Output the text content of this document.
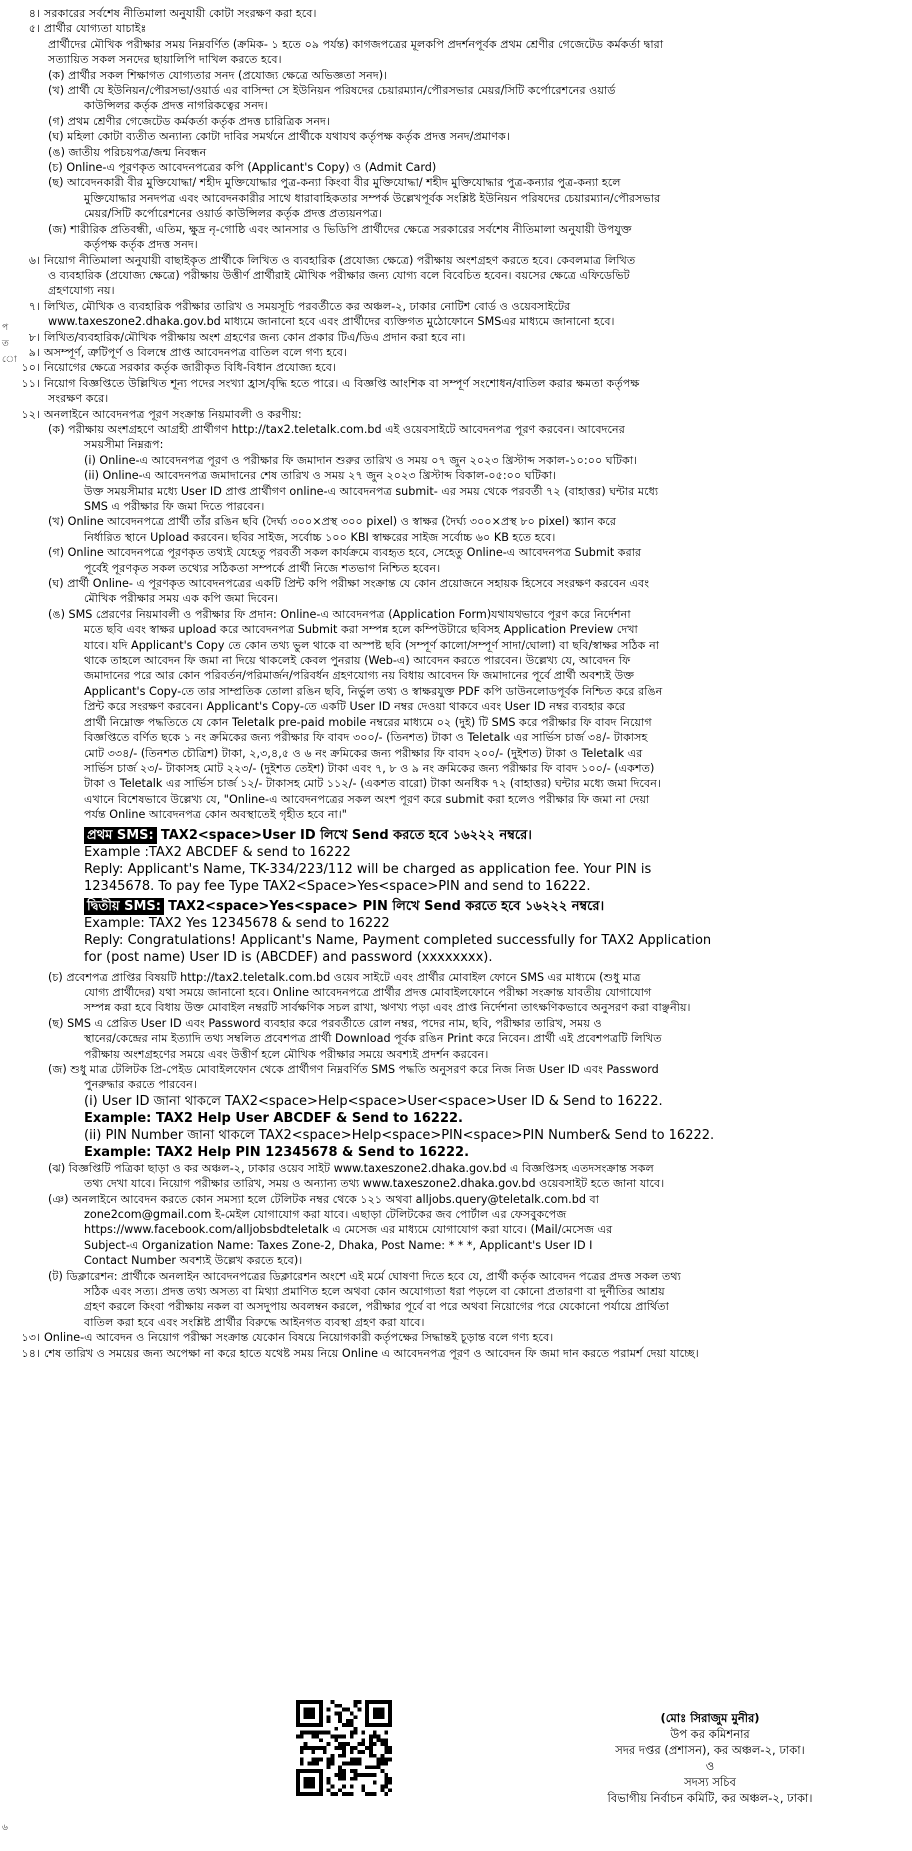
৪। সরকারের সর্বশেষ নীতিমালা অনুযায়ী কোটা সংরক্ষণ করা হবে।
৫। প্রার্থীর যোগ্যতা যাচাইঃ
প্রার্থীদের মৌখিক পরীক্ষার সময় নিম্নবর্ণিত (ক্রমিক- ১ হতে ০৯ পর্যন্ত) কাগজপত্রের মূলকপি প্রদর্শনপূর্বক প্রথম শ্রেণীর গেজেটেড কর্মকর্তা দ্বারা
সত্যায়িত সকল সনদের ছায়ালিপি দাখিল করতে হবে।
(ক) প্রার্থীর সকল শিক্ষাগত যোগ্যতার সনদ (প্রযোজ্য ক্ষেত্রে অভিজ্ঞতা সনদ)।
(খ) প্রার্থী যে ইউনিয়ন/পৌরসভা/ওয়ার্ড এর বাসিন্দা সে ইউনিয়ন পরিষদের চেয়ারম্যান/পৌরসভার মেয়র/সিটি কর্পোরেশনের ওয়ার্ড
কাউন্সিলর কর্তৃক প্রদত্ত নাগরিকত্বের সনদ।
(গ) প্রথম শ্রেণীর গেজেটেড কর্মকর্তা কর্তৃক প্রদত্ত চারিত্রিক সনদ।
(ঘ) মহিলা কোটা ব্যতীত অন্যান্য কোটা দাবির সমর্থনে প্রার্থীকে যথাযথ কর্তৃপক্ষ কর্তৃক প্রদত্ত সনদ/প্রমাণক।
(ঙ) জাতীয় পরিচয়পত্র/জন্ম নিবন্ধন
(চ) Online-এ পূরণকৃত আবেদনপত্রের কপি (Applicant's Copy) ও (Admit Card)
(ছ) আবেদনকারী বীর মুক্তিযোদ্ধা/ শহীদ মুক্তিযোদ্ধার পুত্র-কন্যা কিংবা বীর মুক্তিযোদ্ধা/ শহীদ মুক্তিযোদ্ধার পুত্র-কন্যার পুত্র-কন্যা হলে
মুক্তিযোদ্ধার সনদপত্র এবং আবেদনকারীর সাথে ধারাবাহিকতার সম্পর্ক উল্লেখপূর্বক সংশ্লিষ্ট ইউনিয়ন পরিষদের চেয়ারম্যান/পৌরসভার
মেয়র/সিটি কর্পোরেশনের ওয়ার্ড কাউন্সিলর কর্তৃক প্রদত্ত প্রত্যয়নপত্র।
(জ) শারীরিক প্রতিবন্ধী, এতিম, ক্ষুদ্র নৃ-গোষ্ঠি এবং আনসার ও ভিডিপি প্রার্থীদের ক্ষেত্রে সরকারের সর্বশেষ নীতিমালা অনুযায়ী উপযুক্ত
কর্তৃপক্ষ কর্তৃক প্রদত্ত সনদ।
৬। নিয়োগ নীতিমালা অনুযায়ী বাছাইকৃত প্রার্থীকে লিখিত ও ব্যবহারিক (প্রযোজ্য ক্ষেত্রে) পরীক্ষায় অংশগ্রহণ করতে হবে। কেবলমাত্র লিখিত
ও ব্যবহারিক (প্রযোজ্য ক্ষেত্রে) পরীক্ষায় উত্তীর্ণ প্রার্থীরাই মৌখিক পরীক্ষার জন্য যোগ্য বলে বিবেচিত হবেন। বয়সের ক্ষেত্রে এফিডেভিট
গ্রহণযোগ্য নয়।
৭। লিখিত, মৌখিক ও ব্যবহারিক পরীক্ষার তারিখ ও সময়সূচি পরবর্তীতে কর অঞ্চল-২, ঢাকার নোটিশ বোর্ড ও ওয়েবসাইটের
www.taxeszone2.dhaka.gov.bd মাধ্যমে জানানো হবে এবং প্রার্থীদের ব্যক্তিগত মুঠোফোনে SMSএর মাধ্যমে জানানো হবে।
৮। লিখিত/ব্যবহারিক/মৌখিক পরীক্ষায় অংশ গ্রহণের জন্য কোন প্রকার টিএ/ডিএ প্রদান করা হবে না।
৯। অসম্পূর্ণ, ত্রুটিপূর্ণ ও বিলম্বে প্রাপ্ত আবেদনপত্র বাতিল বলে গণ্য হবে।
১০। নিয়োগের ক্ষেত্রে সরকার কর্তৃক জারীকৃত বিধি-বিধান প্রযোজ্য হবে।
১১। নিয়োগ বিজ্ঞপ্তিতে উল্লিখিত শূন্য পদের সংখ্যা হ্রাস/বৃদ্ধি হতে পারে। এ বিজ্ঞপ্তি আংশিক বা সম্পূর্ণ সংশোধন/বাতিল করার ক্ষমতা কর্তৃপক্ষ
সংরক্ষণ করে।
১২। অনলাইনে আবেদনপত্র পূরণ সংক্রান্ত নিয়মাবলী ও করণীয়:
(ক) পরীক্ষায় অংশগ্রহণে আগ্রহী প্রার্থীগণ http://tax2.teletalk.com.bd এই ওয়েবসাইটে আবেদনপত্র পূরণ করবেন। আবেদনের
সময়সীমা নিম্নরূপ:
(i) Online-এ আবেদনপত্র পূরণ ও পরীক্ষার ফি জমাদান শুরুর তারিখ ও সময় ০৭ জুন ২০২৩ খ্রিস্টাব্দ সকাল-১০:০০ ঘটিকা।
(ii) Online-এ আবেদনপত্র জমাদানের শেষ তারিখ ও সময় ২৭ জুন ২০২৩ খ্রিস্টাব্দ বিকাল-০৫:০০ ঘটিকা।
উক্ত সময়সীমার মধ্যে User ID প্রাপ্ত প্রার্থীগণ online-এ আবেদনপত্র submit- এর সময় থেকে পরবর্তী ৭২ (বাহাত্তর) ঘন্টার মধ্যে
SMS এ পরীক্ষার ফি জমা দিতে পারবেন।
(খ) Online আবেদনপত্রে প্রার্থী তাঁর রঙিন ছবি (দৈর্ঘ্য ৩০০×প্রস্থ ৩০০ pixel) ও স্বাক্ষর (দৈর্ঘ্য ৩০০×প্রস্থ ৮০ pixel) স্ক্যান করে
নির্ধারিত স্থানে Upload করবেন। ছবির সাইজ, সর্বোচ্চ ১০০ KBI স্বাক্ষরের সাইজ সর্বোচ্চ ৬০ KB হতে হবে।
(গ) Online আবেদনপত্রে পূরণকৃত তথ্যই যেহেতু পরবর্তী সকল কার্যক্রমে ব্যবহৃত হবে, সেহেতু Online-এ আবেদনপত্র Submit করার
পূর্বেই পূরণকৃত সকল তথ্যের সঠিকতা সম্পর্কে প্রার্থী নিজে শতভাগ নিশ্চিত হবেন।
(ঘ) প্রার্থী Online- এ পূরণকৃত আবেদনপত্রের একটি প্রিন্ট কপি পরীক্ষা সংক্রান্ত যে কোন প্রয়োজনে সহায়ক হিসেবে সংরক্ষণ করবেন এবং
মৌখিক পরীক্ষার সময় এক কপি জমা দিবেন।
(ঙ) SMS প্রেরণের নিয়মাবলী ও পরীক্ষার ফি প্রদান: Online-এ আবেদনপত্র (Application Form)যথাযথভাবে পূরণ করে নির্দেশনা
মতে ছবি এবং স্বাক্ষর upload করে আবেদনপত্র Submit করা সম্পন্ন হলে কম্পিউটারে ছবিসহ Application Preview দেখা
যাবে। যদি Applicant's Copy তে কোন তথ্য ভুল থাকে বা অস্পষ্ট ছবি (সম্পূর্ণ কালো/সম্পূর্ণ সাদা/ঘোলা) বা ছবি/স্বাক্ষর সঠিক না
থাকে তাহলে আবেদন ফি জমা না দিয়ে থাকলেই কেবল পুনরায় (Web-এ) আবেদন করতে পারবেন। উল্লেখ্য যে, আবেদন ফি
জমাদানের পরে আর কোন পরিবর্তন/পরিমার্জন/পরিবর্ধন গ্রহণযোগ্য নয় বিধায় আবেদন ফি জমাদানের পূর্বে প্রার্থী অবশ্যই উক্ত
Applicant's Copy-তে তার সাম্প্রতিক তোলা রঙিন ছবি, নির্ভুল তথ্য ও স্বাক্ষরযুক্ত PDF কপি ডাউনলোডপূর্বক নিশ্চিত করে রঙিন
প্রিন্ট করে সংরক্ষণ করবেন। Applicant's Copy-তে একটি User ID নম্বর দেওয়া থাকবে এবং User ID নম্বর ব্যবহার করে
প্রার্থী নিম্নোক্ত পদ্ধতিতে যে কোন Teletalk pre-paid mobile নম্বরের মাধ্যমে ০২ (দুই) টি SMS করে পরীক্ষার ফি বাবদ নিয়োগ
বিজ্ঞপ্তিতে বর্ণিত ছকে ১ নং ক্রমিকের জন্য পরীক্ষার ফি বাবদ ৩০০/- (তিনশত) টাকা ও Teletalk এর সার্ভিস চার্জ ৩৪/- টাকাসহ
মোট ৩৩৪/- (তিনশত চৌত্রিশ) টাকা, ২,৩,৪,৫ ও ৬ নং ক্রমিকের জন্য পরীক্ষার ফি বাবদ ২০০/- (দুইশত) টাকা ও Teletalk এর
সার্ভিস চার্জ ২৩/- টাকাসহ মোট ২২৩/- (দুইশত তেইশ) টাকা এবং ৭, ৮ ও ৯ নং ক্রমিকের জন্য পরীক্ষার ফি বাবদ ১০০/- (একশত)
টাকা ও Teletalk এর সার্ভিস চার্জ ১২/- টাকাসহ মোট ১১২/- (একশত বারো) টাকা অনধিক ৭২ (বাহাত্তর) ঘন্টার মধ্যে জমা দিবেন।
এখানে বিশেষভাবে উল্লেখ্য যে, "Online-এ আবেদনপত্রের সকল অংশ পূরণ করে submit করা হলেও পরীক্ষার ফি জমা না দেয়া
পর্যন্ত Online আবেদনপত্র কোন অবস্থাতেই গৃহীত হবে না।"
প্রথম SMS: TAX2<space>User ID লিখে Send করতে হবে ১৬২২২ নম্বরে।
Example :TAX2 ABCDEF & send to 16222
Reply: Applicant's Name, TK-334/223/112 will be charged as application fee. Your PIN is
12345678. To pay fee Type TAX2<Space>Yes<space>PIN and send to 16222.
দ্বিতীয় SMS: TAX2<space>Yes<space> PIN লিখে Send করতে হবে ১৬২২২ নম্বরে।
Example: TAX2 Yes 12345678 & send to 16222
Reply: Congratulations! Applicant's Name, Payment completed successfully for TAX2 Application
for (post name) User ID is (ABCDEF) and password (xxxxxxxx).
(চ) প্রবেশপত্র প্রাপ্তির বিষয়টি http://tax2.teletalk.com.bd ওয়েব সাইটে এবং প্রার্থীর মোবাইল ফোনে SMS এর মাধ্যমে (শুধু মাত্র
যোগ্য প্রার্থীদের) যথা সময়ে জানানো হবে। Online আবেদনপত্রে প্রার্থীর প্রদত্ত মোবাইলফোনে পরীক্ষা সংক্রান্ত যাবতীয় যোগাযোগ
সম্পন্ন করা হবে বিধায় উক্ত মোবাইল নম্বরটি সার্বক্ষণিক সচল রাখা, ঋণখ্য পড়া এবং প্রাপ্ত নির্দেশনা তাৎক্ষণিকভাবে অনুসরণ করা বাঞ্ছনীয়।
(ছ) SMS এ প্রেরিত User ID এবং Password ব্যবহার করে পরবর্তীতে রোল নম্বর, পদের নাম, ছবি, পরীক্ষার তারিখ, সময় ও
স্থানের/কেন্দ্রের নাম ইত্যাদি তথ্য সম্বলিত প্রবেশপত্র প্রার্থী Download পূর্বক রঙিন Print করে নিবেন। প্রার্থী এই প্রবেশপত্রটি লিখিত
পরীক্ষায় অংশগ্রহণের সময়ে এবং উত্তীর্ণ হলে মৌখিক পরীক্ষার সময়ে অবশ্যই প্রদর্শন করবেন।
(জ) শুধু মাত্র টেলিটক প্রি-পেইড মোবাইলফোন থেকে প্রার্থীগণ নিম্নবর্ণিত SMS পদ্ধতি অনুসরণ করে নিজ নিজ User ID এবং Password
পুনরুদ্ধার করতে পারবেন।
(i) User ID জানা থাকলে TAX2<space>Help<space>User<space>User ID & Send to 16222.
Example: TAX2 Help User ABCDEF & Send to 16222.
(ii) PIN Number জানা থাকলে TAX2<space>Help<space>PIN<space>PIN Number& Send to 16222.
Example: TAX2 Help PIN 12345678 & Send to 16222.
(ঝ) বিজ্ঞপ্তিটি পত্রিকা ছাড়া ও কর অঞ্চল-২, ঢাকার ওয়েব সাইট www.taxeszone2.dhaka.gov.bd এ বিজ্ঞপ্তিসহ এতদসংক্রান্ত সকল
তথ্য দেখা যাবে। নিয়োগ পরীক্ষার তারিখ, সময় ও অন্যান্য তথ্য www.taxeszone2.dhaka.gov.bd ওয়েবসাইট হতে জানা যাবে।
(ঞ) অনলাইনে আবেদন করতে কোন সমস্যা হলে টেলিটক নম্বর থেকে ১২১ অথবা alljobs.query@teletalk.com.bd বা
zone2com@gmail.com ই-মেইল যোগাযোগ করা যাবে। এছাড়া টেলিটকের জব পোর্টাল এর ফেসবুকপেজ
https://www.facebook.com/alljobsbdteletalk এ মেসেজ এর মাধ্যমে যোগাযোগ করা যাবে। (Mail/মেসেজ এর
Subject-এ Organization Name: Taxes Zone-2, Dhaka, Post Name: * * *, Applicant's User ID I
Contact Number অবশ্যই উল্লেখ করতে হবে)।
(ট) ডিক্লারেশন: প্রার্থীকে অনলাইন আবেদনপত্রের ডিক্লারেশন অংশে এই মর্মে ঘোষণা দিতে হবে যে, প্রার্থী কর্তৃক আবেদন পত্রের প্রদত্ত সকল তথ্য
সঠিক এবং সত্য। প্রদত্ত তথ্য অসত্য বা মিথ্যা প্রমাণিত হলে অথবা কোন অযোগ্যতা ধরা পড়লে বা কোনো প্রতারণা বা দুর্নীতির আশ্রয়
গ্রহণ করলে কিংবা পরীক্ষায় নকল বা অসদুপায় অবলম্বন করলে, পরীক্ষার পূর্বে বা পরে অথবা নিয়োগের পরে যেকোনো পর্যায়ে প্রার্থিতা
বাতিল করা হবে এবং সংশ্লিষ্ট প্রার্থীর বিরুদ্ধে আইনগত ব্যবস্থা গ্রহণ করা যাবে।
১৩। Online-এ আবেদন ও নিয়োগ পরীক্ষা সংক্রান্ত যেকোন বিষয়ে নিয়োগকারী কর্তৃপক্ষের সিদ্ধান্তই চূড়ান্ত বলে গণ্য হবে।
১৪। শেষ তারিখ ও সময়ের জন্য অপেক্ষা না করে হাতে যথেষ্ট সময় নিয়ে Online এ আবেদনপত্র পূরণ ও আবেদন ফি জমা দান করতে পরামর্শ দেয়া যাচ্ছে।
(মোঃ সিরাজুম মুনীর)
উপ কর কমিশনার
সদর দপ্তর (প্রশাসন), কর অঞ্চল-২, ঢাকা।
ও
সদস্য সচিব
বিভাগীয় নির্বাচন কমিটি, কর অঞ্চল-২, ঢাকা।
প
ত
ো
৬
